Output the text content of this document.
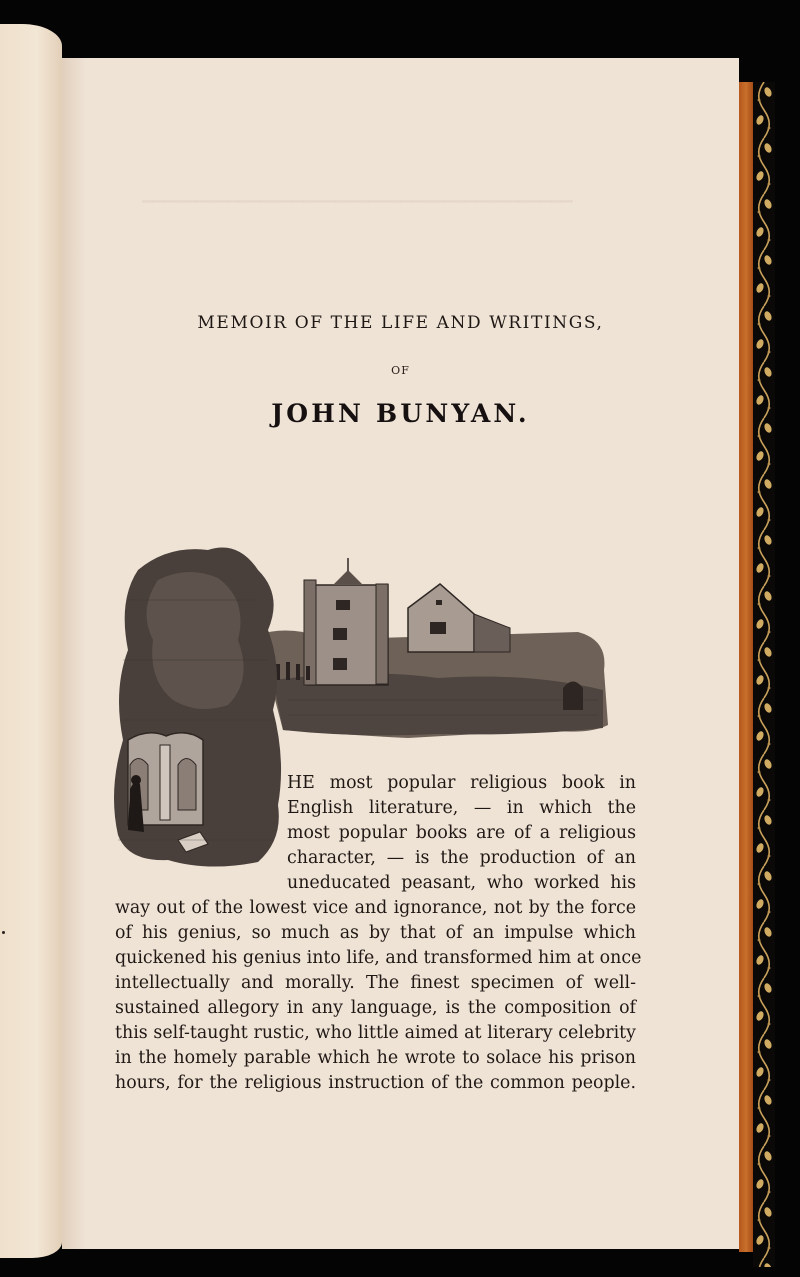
▁▁▁▁▁▁▁▁▁▁▁▁▁▁▁▁▁▁▁▁▁▁▁▁▁▁▁▁▁▁▁▁▁▁▁▁▁▁▁▁
MEMOIR OF THE LIFE AND WRITINGS,
OF
JOHN BUNYAN.
HE most popular religious book in
English literature, — in which the
most popular books are of a religious
character, — is the production of an
uneducated peasant, who worked his
way out of the lowest vice and ignorance, not by the force
of his genius, so much as by that of an impulse which
quickened his genius into life, and transformed him at once
intellectually and morally. The finest specimen of well-
sustained allegory in any language, is the composition of
this self-taught rustic, who little aimed at literary celebrity
in the homely parable which he wrote to solace his prison
hours, for the religious instruction of the common people.
